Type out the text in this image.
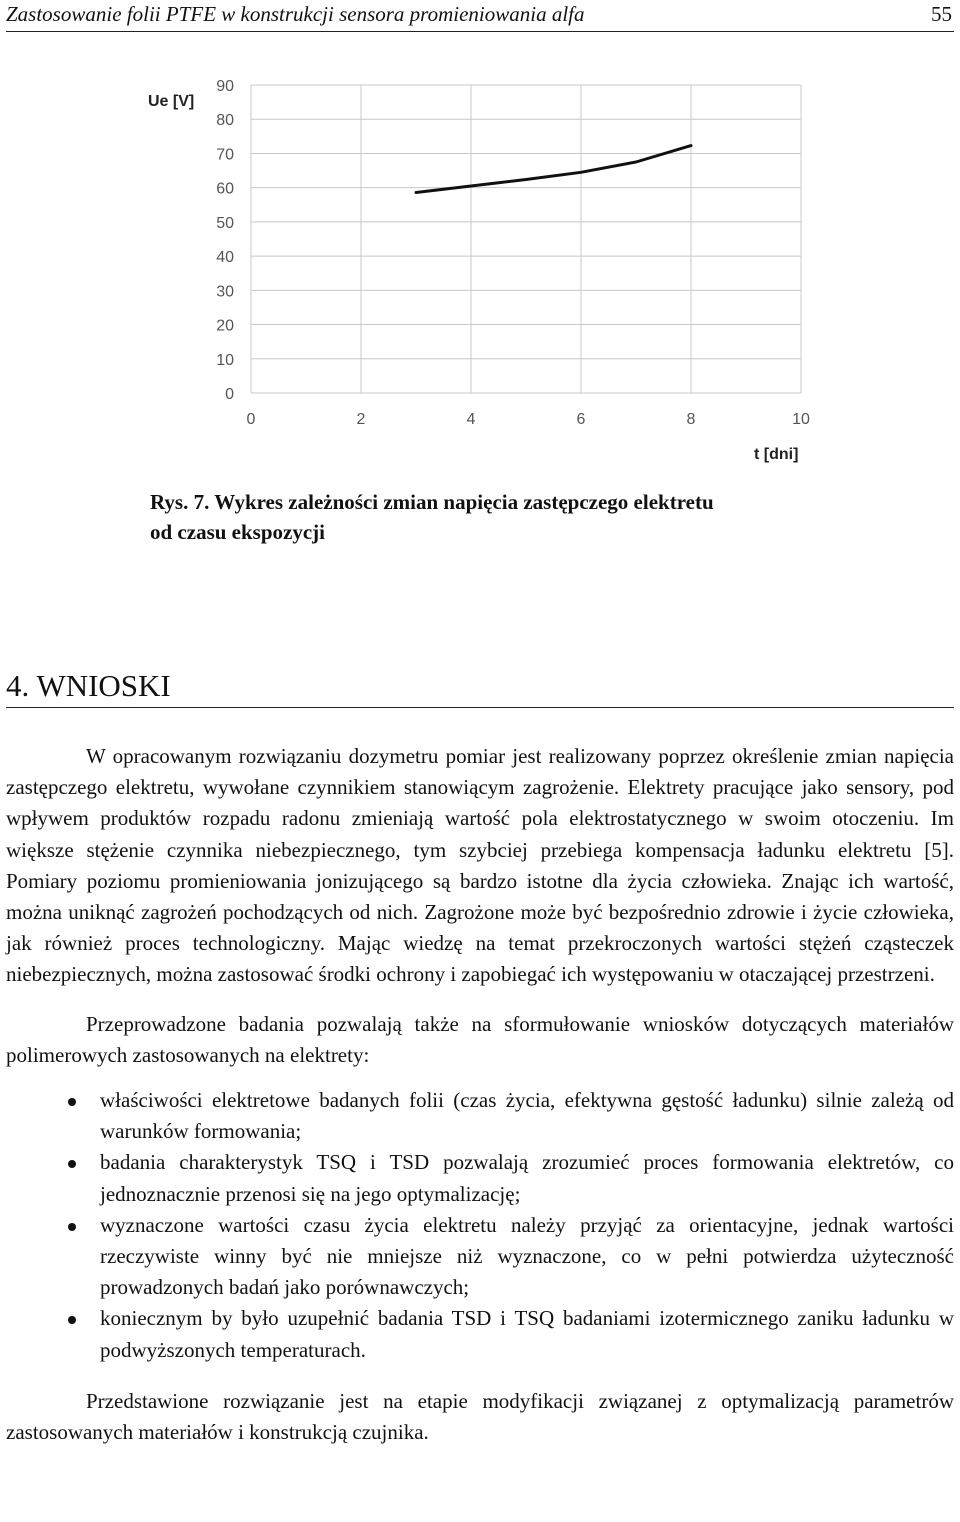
Zastosowanie folii PTFE w konstrukcji sensora promieniowania alfa	55
0
10
20
30
40
50
60
70
80
90
0	2	4	6	8	10
Ue [V]
t [dni]
Rys. 7. Wykres zależności zmian napięcia zastępczego elektretu
od czasu ekspozycji
4. WNIOSKI

W opracowanym rozwiązaniu dozymetru pomiar jest realizowany poprzez określenie zmian napięcia zastępczego elektretu, wywołane czynnikiem stanowiącym zagrożenie. Elektrety pracujące jako sensory, pod wpływem produktów rozpadu radonu zmieniają wartość pola elektrostatycznego w swoim otoczeniu. Im większe stężenie czynnika niebezpiecznego, tym szybciej przebiega kompensacja ładunku elektretu [5]. Pomiary poziomu promieniowania jonizującego są bardzo istotne dla życia człowieka. Znając ich wartość, można uniknąć zagrożeń pochodzących od nich. Zagrożone może być bezpośrednio zdrowie i życie człowieka, jak również proces technologiczny. Mając wiedzę na temat przekroczonych wartości stężeń cząsteczek niebezpiecznych, można zastosować środki ochrony i zapobiegać ich występowaniu w otaczającej przestrzeni.

Przeprowadzone badania pozwalają także na sformułowanie wniosków dotyczących materiałów polimerowych zastosowanych na elektrety:

właściwości elektretowe badanych folii (czas życia, efektywna gęstość ładunku) silnie zależą od warunków formowania;
badania charakterystyk TSQ i TSD pozwalają zrozumieć proces formowania elektretów, co jednoznacznie przenosi się na jego optymalizację;
wyznaczone wartości czasu życia elektretu należy przyjąć za orientacyjne, jednak wartości rzeczywiste winny być nie mniejsze niż wyznaczone, co w pełni potwierdza użyteczność prowadzonych badań jako porównawczych;
koniecznym by było uzupełnić badania TSD i TSQ badaniami izotermicznego zaniku ładunku w podwyższonych temperaturach.

Przedstawione rozwiązanie jest na etapie modyfikacji związanej z optymalizacją parametrów zastosowanych materiałów i konstrukcją czujnika.
